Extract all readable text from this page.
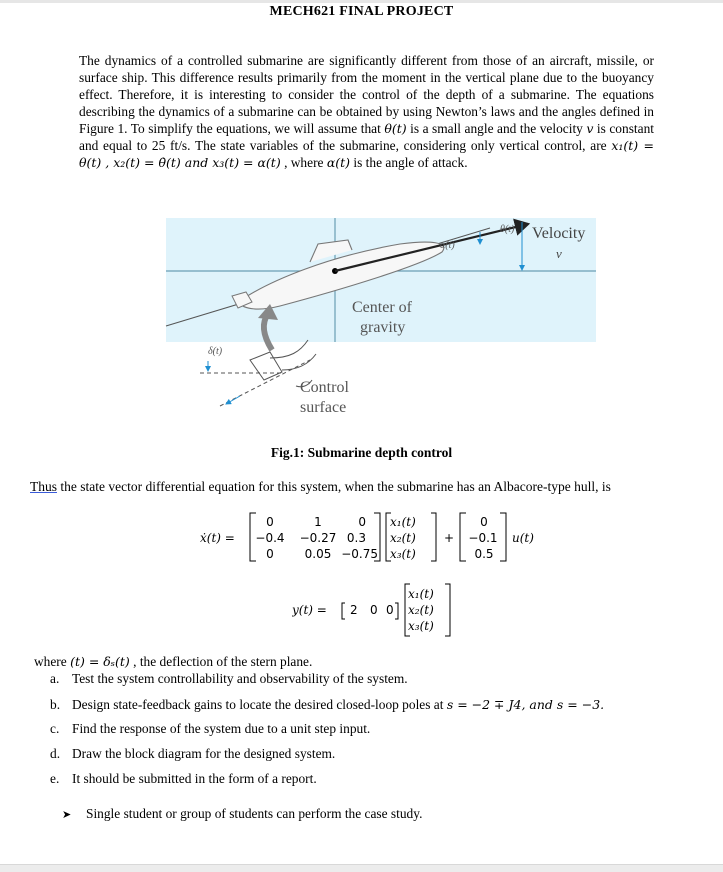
MECH621 FINAL PROJECT

The dynamics of a controlled submarine are significantly different from those of an aircraft, missile, or surface ship. This difference results primarily from the moment in the vertical plane due to the buoyancy effect. Therefore, it is interesting to consider the control of the depth of a submarine. The equations describing the dynamics of a submarine can be obtained by using Newton’s laws and the angles defined in Figure 1. To simplify the equations, we will assume that θ(t) is a small angle and the velocity v is constant and equal to 25 ft/s. The state variables of the submarine, considering only vertical control, are x₁(t) = θ(t) , x₂(t) = θ̇(t) and x₃(t) = α(t) , where α(t) is the angle of attack.

α(t)
θ(t) Velocity
v
Center of
gravity
δ(t)
Control
surface
Fig.1: Submarine depth control
Thus the state vector differential equation for this system, when the submarine has an Albacore-type hull, is
ẋ(t) =
0	1	0
−0.4 −0.27 0.3
0	0.05 −0.75
x₁(t)
x₂(t)
x₃(t)
+
0
−0.1
0.5
u(t)
y(t) = 2 0 0
x₁(t)
x₂(t)
x₃(t)
where (t) = δₛ(t) , the deflection of the stern plane.
a. Test the system controllability and observability of the system.
b. Design state-feedback gains to locate the desired closed-loop poles at s = −2 ∓ J4, and s = −3.
c. Find the response of the system due to a unit step input.
d. Draw the block diagram for the designed system.
e. It should be submitted in the form of a report.
➤ Single student or group of students can perform the case study.
